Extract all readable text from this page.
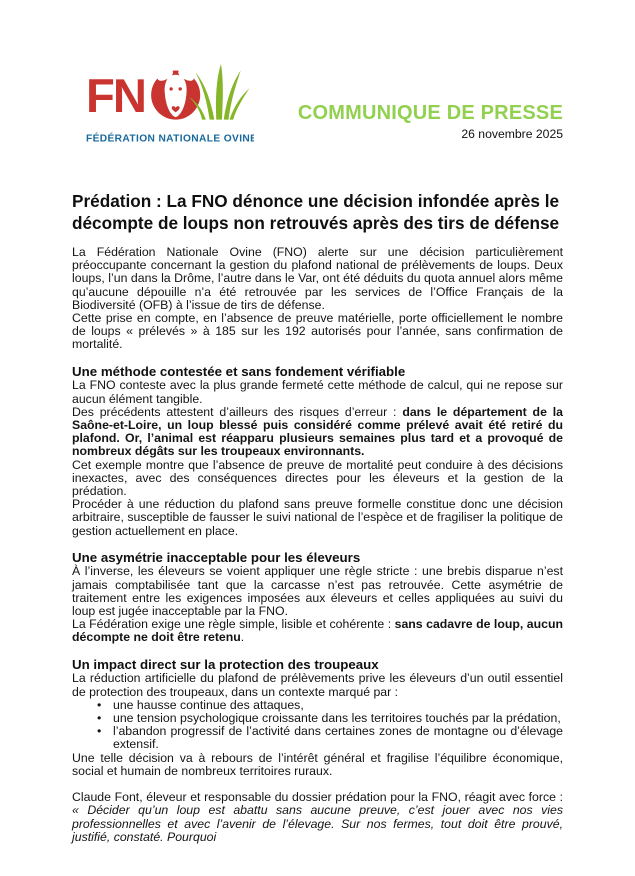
FN
FÉDÉRATION NATIONALE OVINE
COMMUNIQUE DE PRESSE
26 novembre 2025
Prédation : La FNO dénonce une décision infondée après le décompte de loups non retrouvés après des tirs de défense

La Fédération Nationale Ovine (FNO) alerte sur une décision particulièrement préoccupante concernant la gestion du plafond national de prélèvements de loups. Deux loups, l’un dans la Drôme, l’autre dans le Var, ont été déduits du quota annuel alors même qu’aucune dépouille n’a été retrouvée par les services de l’Office Français de la Biodiversité (OFB) à l’issue de tirs de défense.

Cette prise en compte, en l’absence de preuve matérielle, porte officiellement le nombre de loups « prélevés » à 185 sur les 192 autorisés pour l’année, sans confirmation de mortalité.

Une méthode contestée et sans fondement vérifiable

La FNO conteste avec la plus grande fermeté cette méthode de calcul, qui ne repose sur aucun élément tangible.

Des précédents attestent d’ailleurs des risques d’erreur : dans le département de la Saône-et-Loire, un loup blessé puis considéré comme prélevé avait été retiré du plafond. Or, l’animal est réapparu plusieurs semaines plus tard et a provoqué de nombreux dégâts sur les troupeaux environnants.

Cet exemple montre que l’absence de preuve de mortalité peut conduire à des décisions inexactes, avec des conséquences directes pour les éleveurs et la gestion de la prédation.

Procéder à une réduction du plafond sans preuve formelle constitue donc une décision arbitraire, susceptible de fausser le suivi national de l’espèce et de fragiliser la politique de gestion actuellement en place.

Une asymétrie inacceptable pour les éleveurs

À l’inverse, les éleveurs se voient appliquer une règle stricte : une brebis disparue n’est jamais comptabilisée tant que la carcasse n’est pas retrouvée. Cette asymétrie de traitement entre les exigences imposées aux éleveurs et celles appliquées au suivi du loup est jugée inacceptable par la FNO.

La Fédération exige une règle simple, lisible et cohérente : sans cadavre de loup, aucun décompte ne doit être retenu.

Un impact direct sur la protection des troupeaux

La réduction artificielle du plafond de prélèvements prive les éleveurs d’un outil essentiel de protection des troupeaux, dans un contexte marqué par :

• une hausse continue des attaques,
• une tension psychologique croissante dans les territoires touchés par la prédation,
• l’abandon progressif de l’activité dans certaines zones de montagne ou d’élevage extensif.

Une telle décision va à rebours de l’intérêt général et fragilise l’équilibre économique, social et humain de nombreux territoires ruraux.

Claude Font, éleveur et responsable du dossier prédation pour la FNO, réagit avec force : « Décider qu’un loup est abattu sans aucune preuve, c’est jouer avec nos vies professionnelles et avec l’avenir de l’élevage. Sur nos fermes, tout doit être prouvé, justifié, constaté. Pourquoi
